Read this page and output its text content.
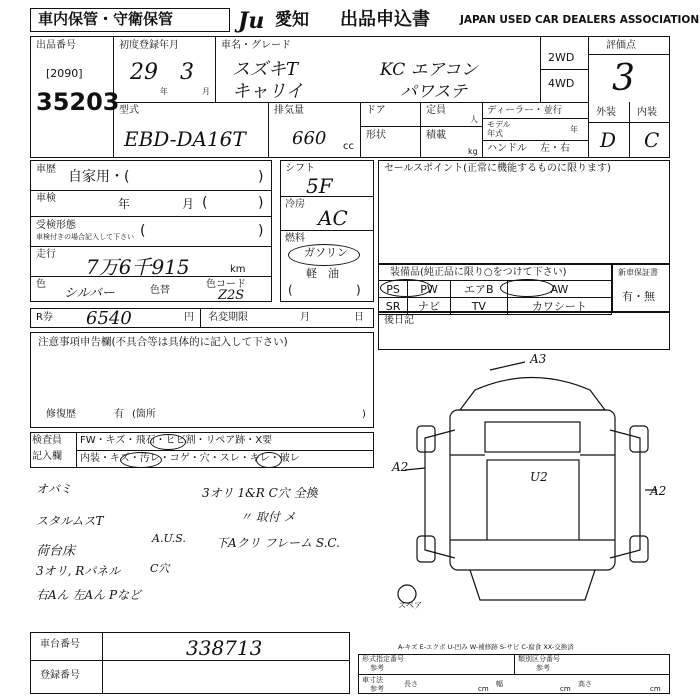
車内保管・守衛保管	Ju 愛知 出品申込書	JAPAN USED CAR DEALERS ASSOCIATION
出品番号
[2090]
35203
初度登録年月
29
年
3
月
車名・グレード
スズキT
キャリイ
KC エアコン
パワステ
2WD
4WD
評価点
3
型式
EBD-DA16T
排気量
660 cc
ドア	定員
人
形状	積載
kg
ディーラー・並行
モデル
年式	年
ハンドル 左・右
外装 内装
D C
車歴 自家用・(	)
車検	年	月 (	)
受検形態
車検付きの場合記入して下さい (	)
走行
7万6千915	km
色
シルバー	色替
色コード
Z2S
シフト
5F
冷房
AC
燃料
ガソリン
軽　油
(	)
セールスポイント(正常に機能するものに限ります)
装備品(純正品に限り○をつけて下さい)
PS	PW	エアB	AW
SR	ナビ	TV	カワシート
新車保証書
有・無
R券 6540	円 名変期限	月	日 後日記
注意事項申告欄(不具合等は具体的に記入して下さい)
修復歴	有 (箇所	)
検査員
記入欄
FW・キズ・飛石・ヒビ割・リペア跡・X要
内装・キズ・汚レ・コゲ・穴・スレ・キレ・破レ
オバミ
スタルムスT
荷台床
3オリ, Rパネル
右Aん 左Aん Pなど
3オリ 1&R C穴 全換
〃 取付 メ
A.U.S.	下Aクリ フレーム S.C.
C穴
A3
A2
U2
A2
スペア
A-キズ E-エクボ U-凹み W-補修跡 S-サビ C-腐食 XX-交換済
形式指定番号
参考
類別区分番号
参考
車寸法
参考
長さ
cm
幅
cm
高さ
cm
車台番号	338713
登録番号
